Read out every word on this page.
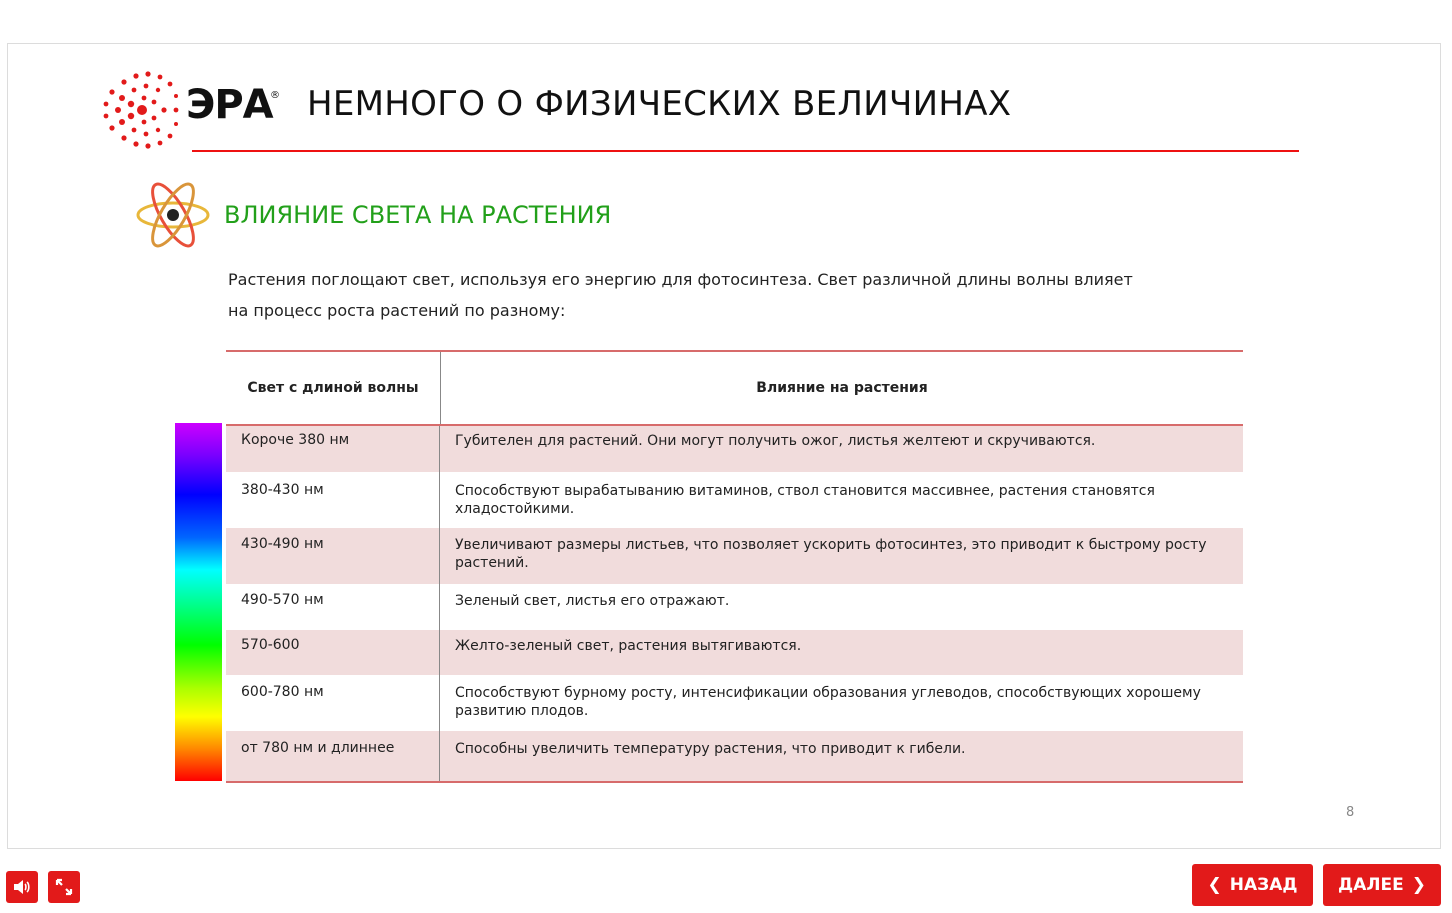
ЭРА
® НЕМНОГО О ФИЗИЧЕСКИХ ВЕЛИЧИНАХ
ВЛИЯНИЕ СВЕТА НА РАСТЕНИЯ
Растения поглощают свет, используя его энергию для фотосинтеза. Свет различной длины волны влияет на процесс роста растений по разному:
Свет с длиной волны	Влияние на растения
Короче 380 нм	Губителен для растений. Они могут получить ожог, листья желтеют и скручиваются.
380-430 нм	Способствуют вырабатыванию витаминов, ствол становится массивнее, растения становятся хладостойкими.
430-490 нм	Увеличивают размеры листьев, что позволяет ускорить фотосинтез, это приводит к быстрому росту растений.
490-570 нм	Зеленый свет, листья его отражают.
570-600	Желто-зеленый свет, растения вытягиваются.
600-780 нм	Способствуют бурному росту, интенсификации образования углеводов, способствующих хорошему развитию плодов.
от 780 нм и длиннее	Способны увеличить температуру растения, что приводит к гибели.
8
❮ НАЗАД ДАЛЕЕ ❯
